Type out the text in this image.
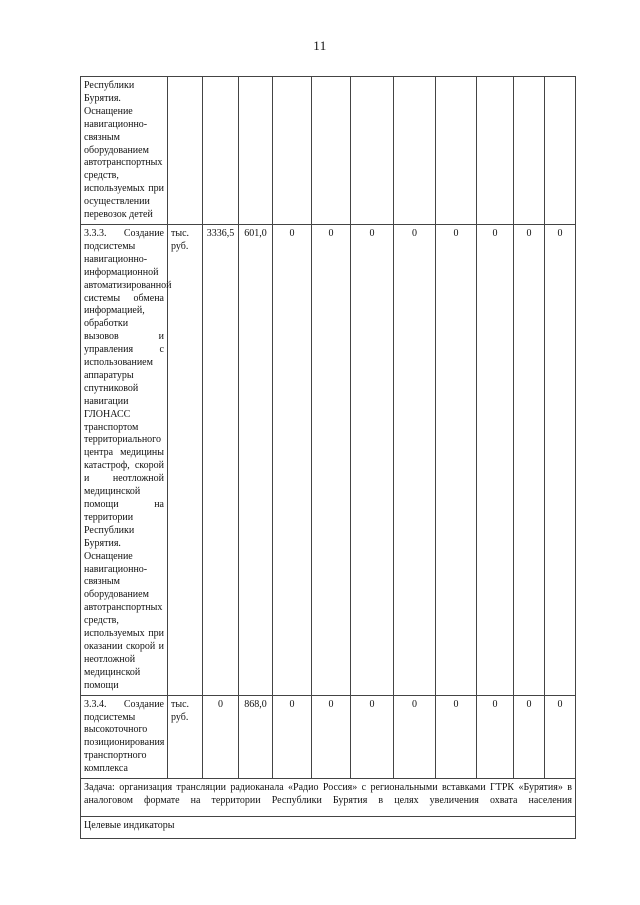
11
Республики Бурятия. Оснащение навигационно-связным оборудованием автотранспортных средств, используемых при осуществлении перевозок детей											
3.3.3. Создание подсистемы навигационно-информационной автоматизированной системы обмена информацией, обработки вызовов и управления с использованием аппаратуры спутниковой навигации ГЛОНАСС транспортом территориального центра медицины катастроф, скорой и неотложной медицинской помощи на территории Республики Бурятия. Оснащение навигационно-связным оборудованием автотранспортных средств, используемых при оказании скорой и неотложной медицинской помощи	тыс. руб.	3336,5	601,0	0	0	0	0	0	0	0	0
3.3.4. Создание подсистемы высокоточного позиционирования транспортного комплекса	тыс. руб.	0	868,0	0	0	0	0	0	0	0	0
Задача: организация трансляции радиоканала «Радио Россия» с региональными вставками ГТРК «Бурятия» в аналоговом формате на территории Республики Бурятия в целях увеличения охвата населения											
Целевые индикаторы											
